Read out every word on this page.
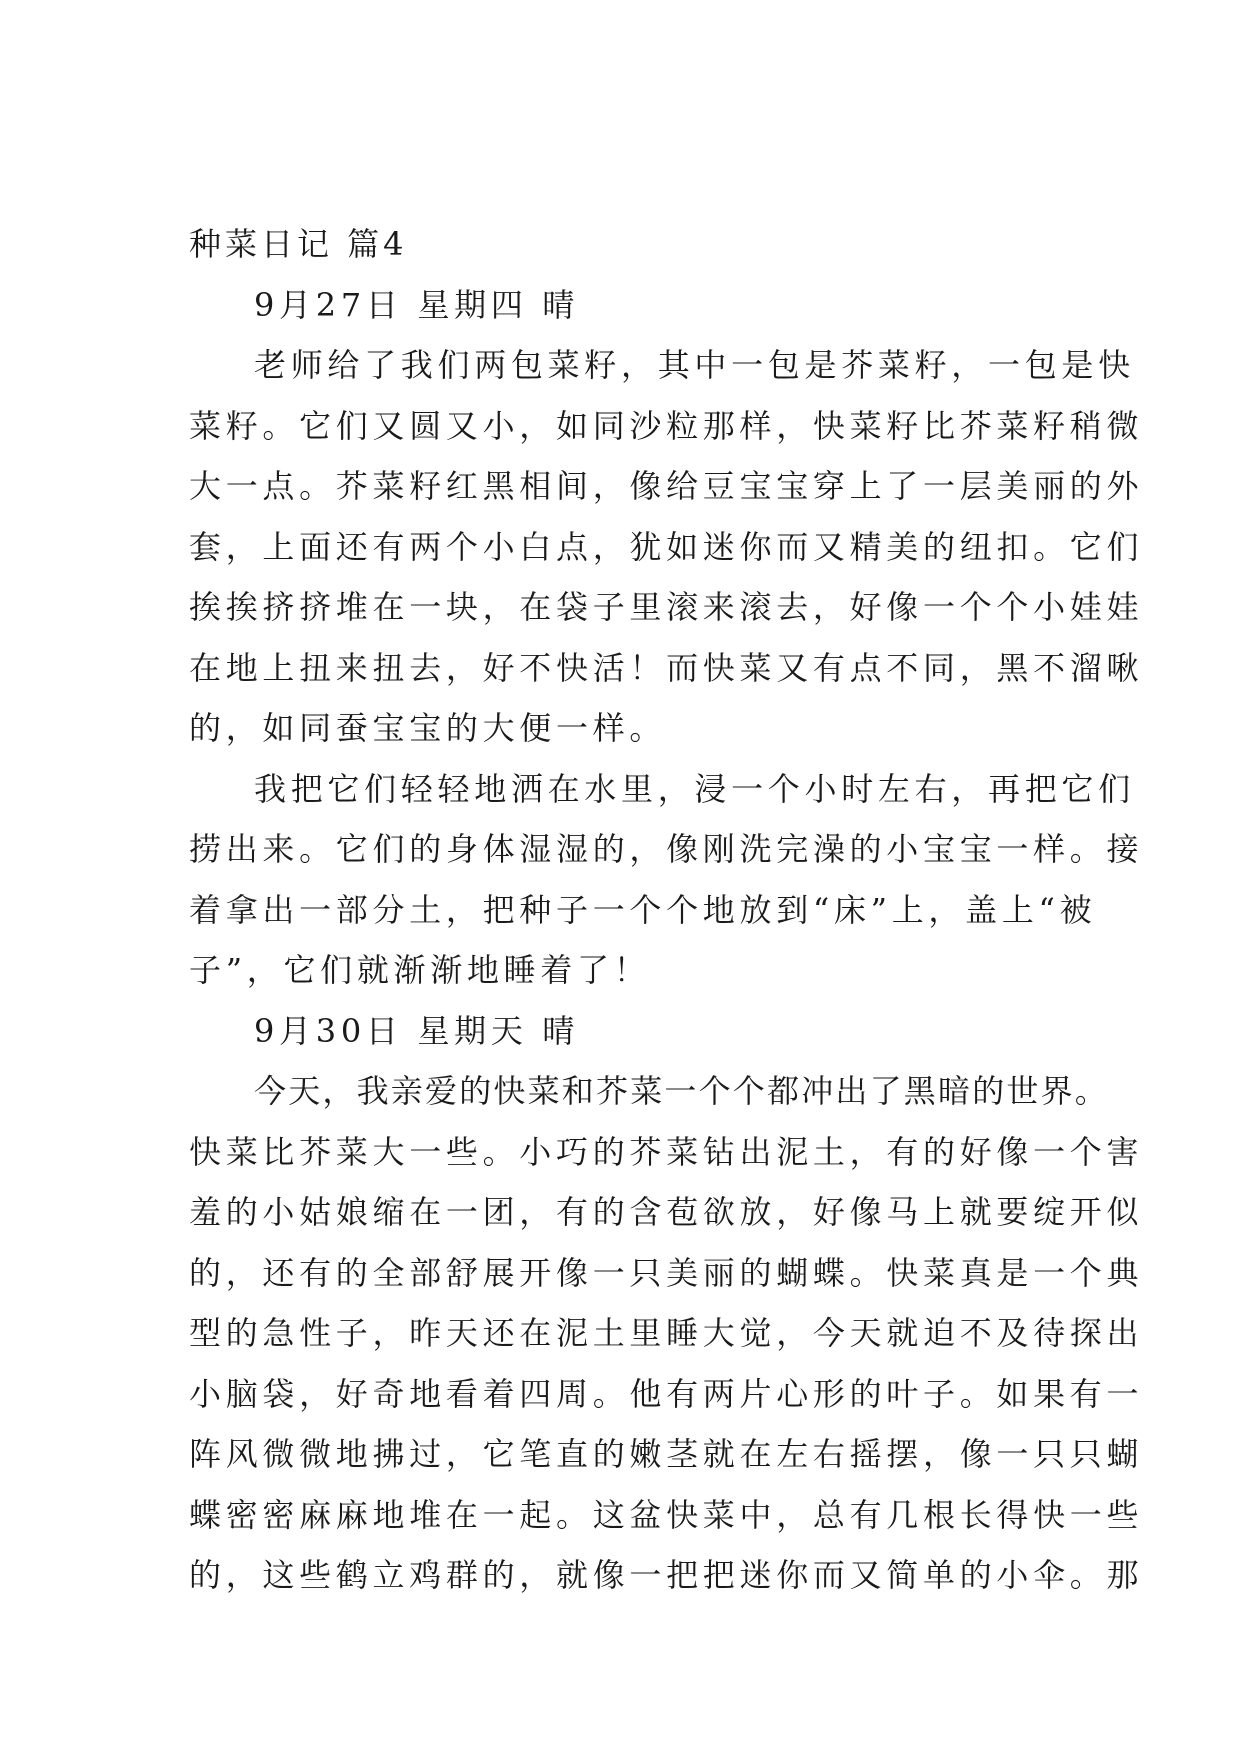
种菜日记 篇4
9月27日 星期四 晴
老师给了我们两包菜籽，其中一包是芥菜籽，一包是快
菜籽。它们又圆又小，如同沙粒那样，快菜籽比芥菜籽稍微
大一点。芥菜籽红黑相间，像给豆宝宝穿上了一层美丽的外
套，上面还有两个小白点，犹如迷你而又精美的纽扣。它们
挨挨挤挤堆在一块，在袋子里滚来滚去，好像一个个小娃娃
在地上扭来扭去，好不快活！而快菜又有点不同，黑不溜啾
的，如同蚕宝宝的大便一样。
我把它们轻轻地洒在水里，浸一个小时左右，再把它们
捞出来。它们的身体湿湿的，像刚洗完澡的小宝宝一样。接
着拿出一部分土，把种子一个个地放到“床”上，盖上“被
子”，它们就渐渐地睡着了！
9月30日 星期天 晴
今天，我亲爱的快菜和芥菜一个个都冲出了黑暗的世界。
快菜比芥菜大一些。小巧的芥菜钻出泥土，有的好像一个害
羞的小姑娘缩在一团，有的含苞欲放，好像马上就要绽开似
的，还有的全部舒展开像一只美丽的蝴蝶。快菜真是一个典
型的急性子，昨天还在泥土里睡大觉，今天就迫不及待探出
小脑袋，好奇地看着四周。他有两片心形的叶子。如果有一
阵风微微地拂过，它笔直的嫩茎就在左右摇摆，像一只只蝴
蝶密密麻麻地堆在一起。这盆快菜中，总有几根长得快一些
的，这些鹤立鸡群的，就像一把把迷你而又简单的小伞。那
